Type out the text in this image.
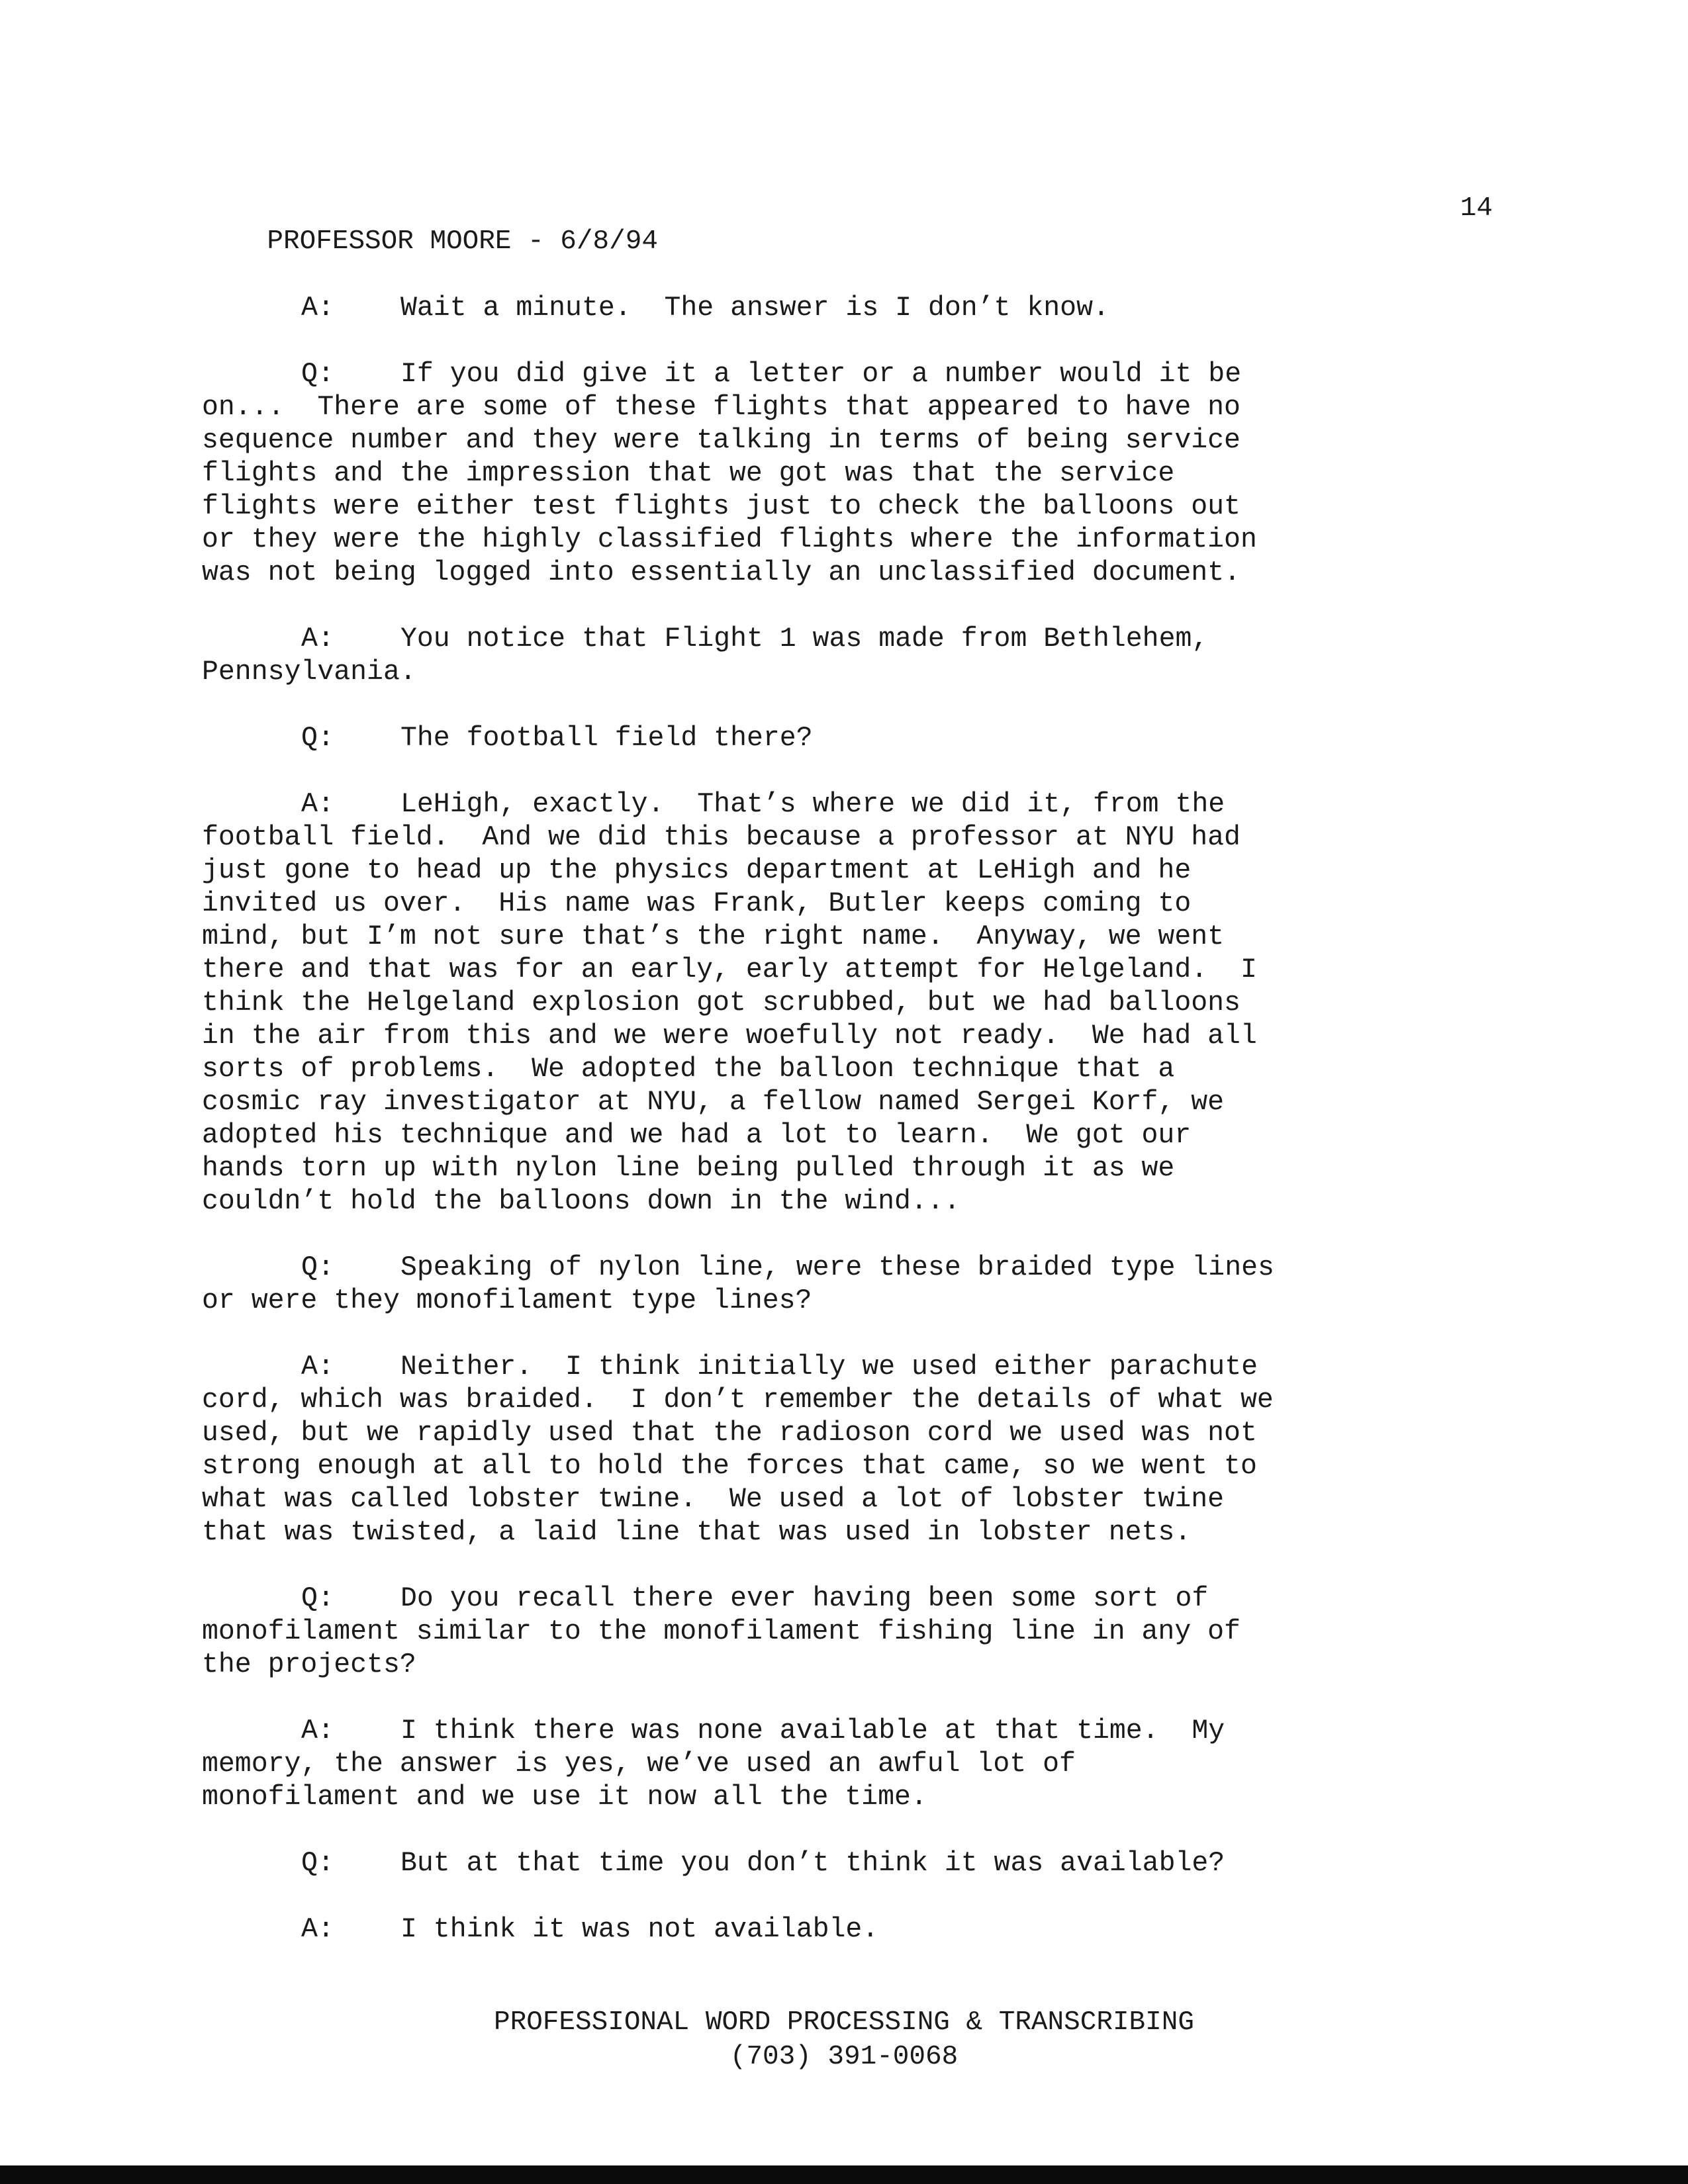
PROFESSOR MOORE - 6/8/94

14

A: Wait a minute.  The answer is I don’t know.
Q: If you did give it a letter or a number would it be
on...  There are some of these flights that appeared to have no
sequence number and they were talking in terms of being service
flights and the impression that we got was that the service
flights were either test flights just to check the balloons out
or they were the highly classified flights where the information
was not being logged into essentially an unclassified document.
A: You notice that Flight 1 was made from Bethlehem,
Pennsylvania.
Q: The football field there?
A: LeHigh, exactly.  That’s where we did it, from the
football field.  And we did this because a professor at NYU had
just gone to head up the physics department at LeHigh and he
invited us over.  His name was Frank, Butler keeps coming to
mind, but I’m not sure that’s the right name.  Anyway, we went
there and that was for an early, early attempt for Helgeland.  I
think the Helgeland explosion got scrubbed, but we had balloons
in the air from this and we were woefully not ready.  We had all
sorts of problems.  We adopted the balloon technique that a
cosmic ray investigator at NYU, a fellow named Sergei Korf, we
adopted his technique and we had a lot to learn.  We got our
hands torn up with nylon line being pulled through it as we
couldn’t hold the balloons down in the wind...
Q: Speaking of nylon line, were these braided type lines
or were they monofilament type lines?
A: Neither.  I think initially we used either parachute
cord, which was braided.  I don’t remember the details of what we
used, but we rapidly used that the radioson cord we used was not
strong enough at all to hold the forces that came, so we went to
what was called lobster twine.  We used a lot of lobster twine
that was twisted, a laid line that was used in lobster nets.
Q: Do you recall there ever having been some sort of
monofilament similar to the monofilament fishing line in any of
the projects?
A: I think there was none available at that time.  My
memory, the answer is yes, we’ve used an awful lot of
monofilament and we use it now all the time.
Q: But at that time you don’t think it was available?
A: I think it was not available.
PROFESSIONAL WORD PROCESSING & TRANSCRIBING
(703) 391-0068
